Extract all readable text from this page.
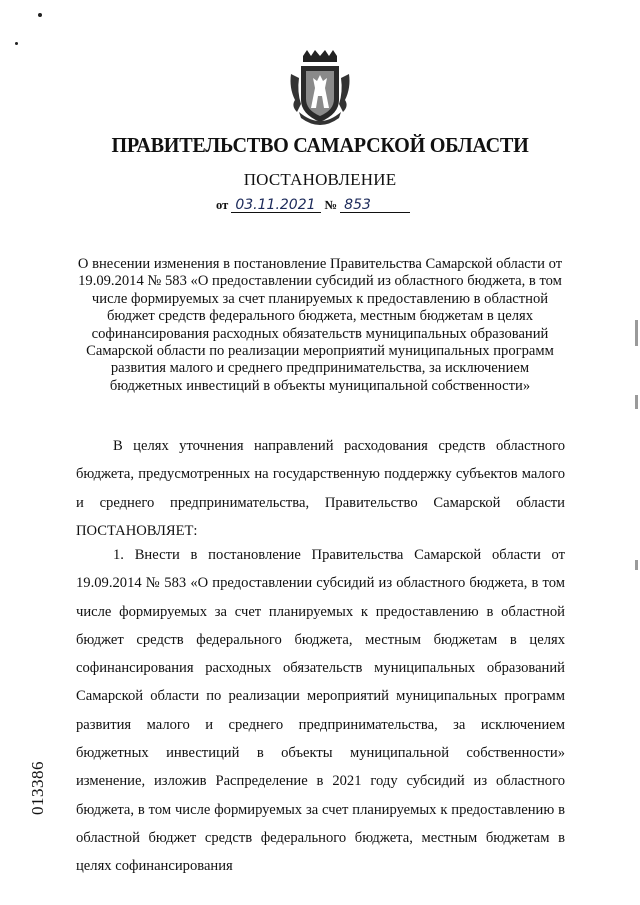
ПРАВИТЕЛЬСТВО САМАРСКОЙ ОБЛАСТИ
ПОСТАНОВЛЕНИЕ
от 03.11.2021 № 853
О внесении изменения в постановление Правительства Самарской области от 19.09.2014 № 583 «О предоставлении субсидий из областного бюджета, в том числе формируемых за счет планируемых к предоставлению в областной бюджет средств федерального бюджета, местным бюджетам в целях софинансирования расходных обязательств муниципальных образований Самарской области по реализации мероприятий муниципальных программ развития малого и среднего предпринимательства, за исключением бюджетных инвестиций в объекты муниципальной собственности»
В целях уточнения направлений расходования средств областного бюджета, предусмотренных на государственную поддержку субъектов малого и среднего предпринимательства, Правительство Самарской области ПОСТАНОВЛЯЕТ:
1. Внести в постановление Правительства Самарской области от 19.09.2014 № 583 «О предоставлении субсидий из областного бюджета, в том числе формируемых за счет планируемых к предоставлению в областной бюджет средств федерального бюджета, местным бюджетам в целях софинансирования расходных обязательств муниципальных образований Самарской области по реализации мероприятий муниципальных программ развития малого и среднего предпринимательства, за исключением бюджетных инвестиций в объекты муниципальной собственности» изменение, изложив Распределение в 2021 году субсидий из областного бюджета, в том числе формируемых за счет планируемых к предоставлению в областной бюджет средств федерального бюджета, местным бюджетам в целях софинансирования
013386
